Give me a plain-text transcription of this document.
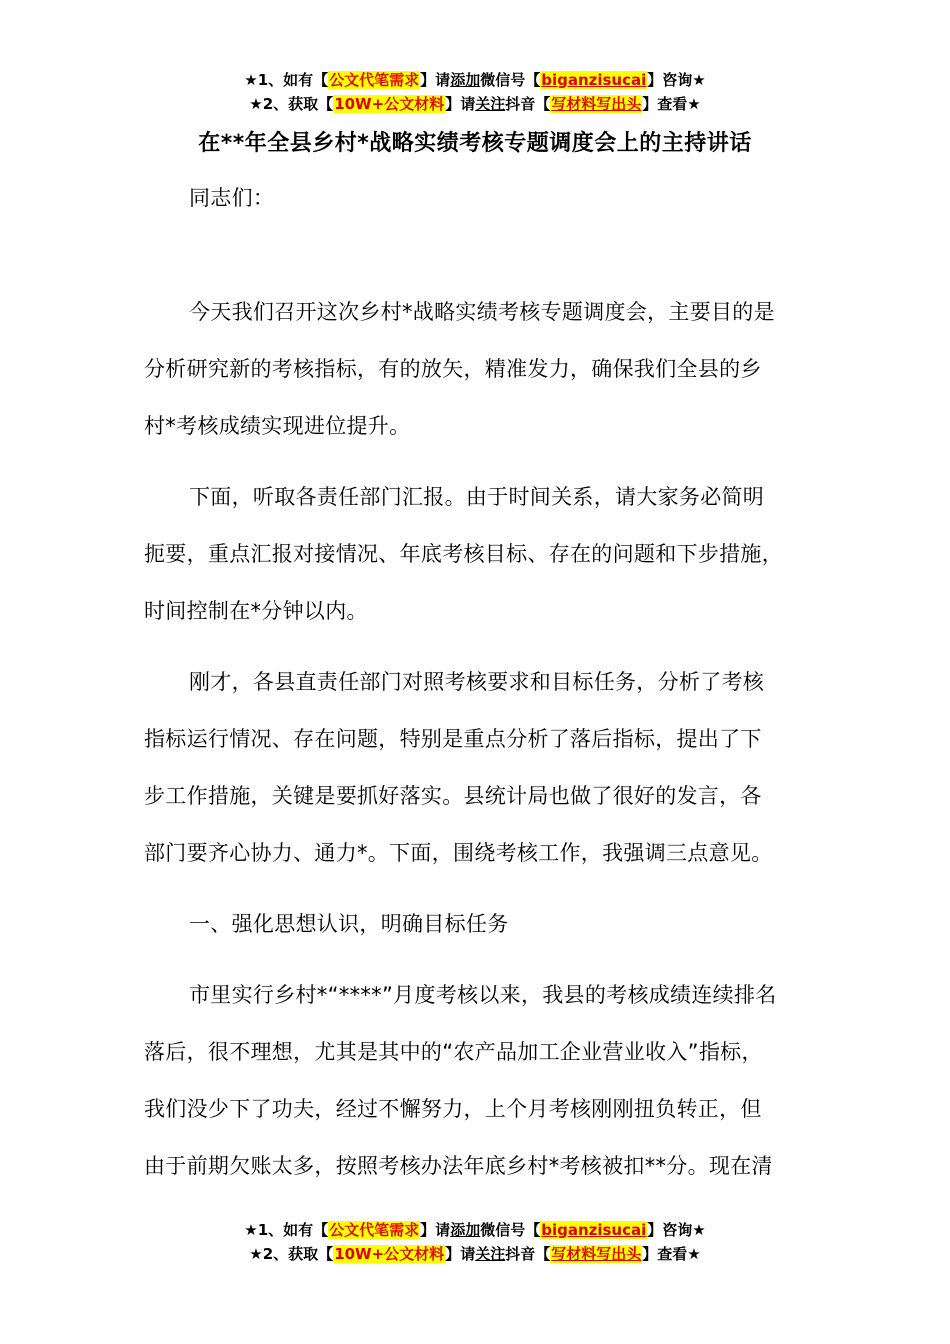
★1、如有【公文代笔需求】请添加微信号【biganzisucai】咨询★
★2、获取【10W+公文材料】请关注抖音【写材料写出头】查看★
在**年全县乡村*战略实绩考核专题调度会上的主持讲话
同志们：
今天我们召开这次乡村*战略实绩考核专题调度会，主要目的是
分析研究新的考核指标，有的放矢，精准发力，确保我们全县的乡
村*考核成绩实现进位提升。
下面，听取各责任部门汇报。由于时间关系，请大家务必简明
扼要，重点汇报对接情况、年底考核目标、存在的问题和下步措施，
时间控制在*分钟以内。
刚才，各县直责任部门对照考核要求和目标任务，分析了考核
指标运行情况、存在问题，特别是重点分析了落后指标，提出了下
步工作措施，关键是要抓好落实。县统计局也做了很好的发言，各
部门要齐心协力、通力*。下面，围绕考核工作，我强调三点意见。
一、强化思想认识，明确目标任务
市里实行乡村*“****”月度考核以来，我县的考核成绩连续排名
落后，很不理想，尤其是其中的“农产品加工企业营业收入”指标，
我们没少下了功夫，经过不懈努力，上个月考核刚刚扭负转正，但
由于前期欠账太多，按照考核办法年底乡村*考核被扣**分。现在清
★1、如有【公文代笔需求】请添加微信号【biganzisucai】咨询★
★2、获取【10W+公文材料】请关注抖音【写材料写出头】查看★
